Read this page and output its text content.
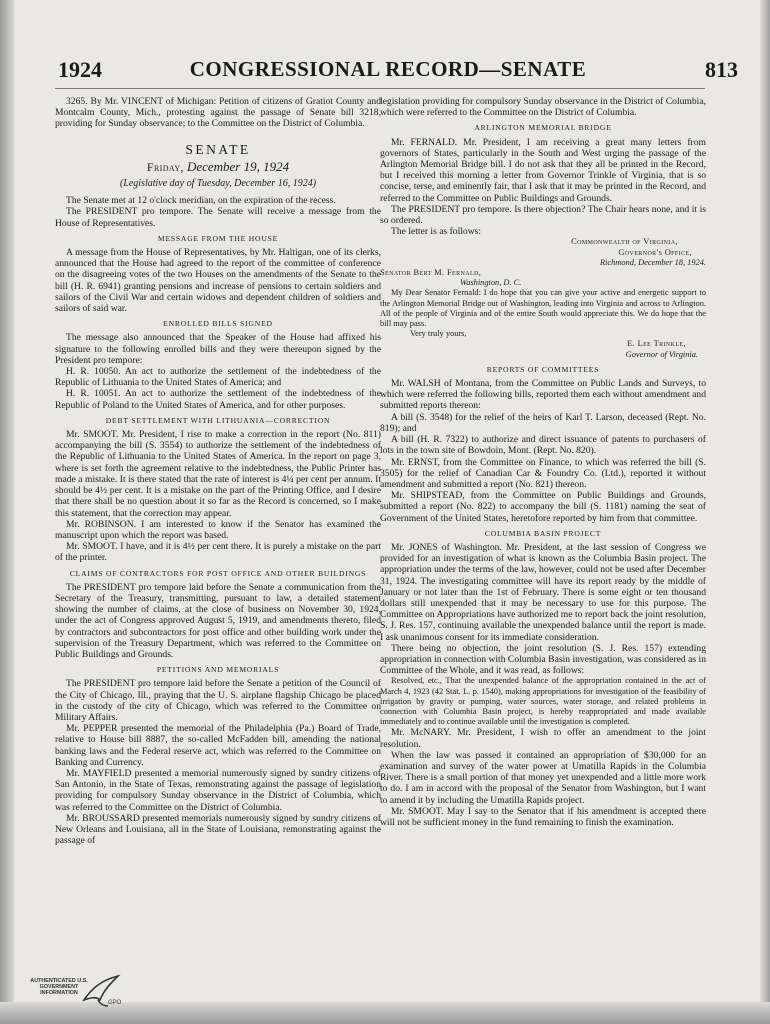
1924	CONGRESSIONAL RECORD—SENATE	813

3265. By Mr. VINCENT of Michigan: Petition of citizens of Gratiot County and Montcalm County, Mich., protesting against the passage of Senate bill 3218, providing for Sunday observance; to the Committee on the District of Columbia.

SENATE
Friday, December 19, 1924
(Legislative day of Tuesday, December 16, 1924)

The Senate met at 12 o'clock meridian, on the expiration of the recess.

The PRESIDENT pro tempore. The Senate will receive a message from the House of Representatives.

MESSAGE FROM THE HOUSE

A message from the House of Representatives, by Mr. Haltigan, one of its clerks, announced that the House had agreed to the report of the committee of conference on the disagreeing votes of the two Houses on the amendments of the Senate to the bill (H. R. 6941) granting pensions and increase of pensions to certain soldiers and sailors of the Civil War and certain widows and dependent children of soldiers and sailors of said war.

ENROLLED BILLS SIGNED

The message also announced that the Speaker of the House had affixed his signature to the following enrolled bills and they were thereupon signed by the President pro tempore:

H. R. 10050. An act to authorize the settlement of the indebtedness of the Republic of Lithuania to the United States of America; and

H. R. 10051. An act to authorize the settlement of the indebtedness of the Republic of Poland to the United States of America, and for other purposes.

DEBT SETTLEMENT WITH LITHUANIA—CORRECTION

Mr. SMOOT. Mr. President, I rise to make a correction in the report (No. 811) accompanying the bill (S. 3554) to authorize the settlement of the indebtedness of the Republic of Lithuania to the United States of America. In the report on page 3, where is set forth the agreement relative to the indebtedness, the Public Printer has made a mistake. It is there stated that the rate of interest is 4¼ per cent per annum. It should be 4½ per cent. It is a mistake on the part of the Printing Office, and I desire that there shall be no question about it so far as the Record is concerned, so I make this statement, that the correction may appear.

Mr. ROBINSON. I am interested to know if the Senator has examined the manuscript upon which the report was based.

Mr. SMOOT. I have, and it is 4½ per cent there. It is purely a mistake on the part of the printer.

CLAIMS OF CONTRACTORS FOR POST OFFICE AND OTHER BUILDINGS

The PRESIDENT pro tempore laid before the Senate a communication from the Secretary of the Treasury, transmitting, pursuant to law, a detailed statement showing the number of claims, at the close of business on November 30, 1924, under the act of Congress approved August 5, 1919, and amendments thereto, filed by contractors and subcontractors for post office and other building work under the supervision of the Treasury Department, which was referred to the Committee on Public Buildings and Grounds.

PETITIONS AND MEMORIALS

The PRESIDENT pro tempore laid before the Senate a petition of the Council of the City of Chicago, Ill., praying that the U. S. airplane flagship Chicago be placed in the custody of the city of Chicago, which was referred to the Committee on Military Affairs.

Mr. PEPPER presented the memorial of the Philadelphia (Pa.) Board of Trade, relative to House bill 8887, the so-called McFadden bill, amending the national banking laws and the Federal reserve act, which was referred to the Committee on Banking and Currency.

Mr. MAYFIELD presented a memorial numerously signed by sundry citizens of San Antonio, in the State of Texas, remonstrating against the passage of legislation providing for compulsory Sunday observance in the District of Columbia, which was referred to the Committee on the District of Columbia.

Mr. BROUSSARD presented memorials numerously signed by sundry citizens of New Orleans and Louisiana, all in the State of Louisiana, remonstrating against the passage of

legislation providing for compulsory Sunday observance in the District of Columbia, which were referred to the Committee on the District of Columbia.

ARLINGTON MEMORIAL BRIDGE

Mr. FERNALD. Mr. President, I am receiving a great many letters from governors of States, particularly in the South and West urging the passage of the Arlington Memorial Bridge bill. I do not ask that they all be printed in the Record, but I received this morning a letter from Governor Trinkle of Virginia, that is so concise, terse, and eminently fair, that I ask that it may be printed in the Record, and referred to the Committee on Public Buildings and Grounds.

The PRESIDENT pro tempore. Is there objection? The Chair hears none, and it is so ordered.

The letter is as follows:

Commonwealth of Virginia,
Governor's Office,
Richmond, December 18, 1924.
Senator Bert M. Fernald,
Washington, D. C.

My Dear Senator Fernald: I do hope that you can give your active and energetic support to the Arlington Memorial Bridge out of Washington, leading into Virginia and across to Arlington. All of the people of Virginia and of the entire South would appreciate this. We do hope that the bill may pass.

Very truly yours,
E. Lee Trinkle,
Governor of Virginia.
REPORTS OF COMMITTEES

Mr. WALSH of Montana, from the Committee on Public Lands and Surveys, to which were referred the following bills, reported them each without amendment and submitted reports thereon:

A bill (S. 3548) for the relief of the heirs of Karl T. Larson, deceased (Rept. No. 819); and

A bill (H. R. 7322) to authorize and direct issuance of patents to purchasers of lots in the town site of Bowdoin, Mont. (Rept. No. 820).

Mr. ERNST, from the Committee on Finance, to which was referred the bill (S. 3505) for the relief of Canadian Car & Foundry Co. (Ltd.), reported it without amendment and submitted a report (No. 821) thereon.

Mr. SHIPSTEAD, from the Committee on Public Buildings and Grounds, submitted a report (No. 822) to accompany the bill (S. 1181) naming the seat of Government of the United States, heretofore reported by him from that committee.

COLUMBIA BASIN PROJECT

Mr. JONES of Washington. Mr. President, at the last session of Congress we provided for an investigation of what is known as the Columbia Basin project. The appropriation under the terms of the law, however, could not be used after December 31, 1924. The investigating committee will have its report ready by the middle of January or not later than the 1st of February. There is some eight or ten thousand dollars still unexpended that it may be necessary to use for this purpose. The Committee on Appropriations have authorized me to report back the joint resolution, S. J. Res. 157, continuing available the unexpended balance until the report is made. I ask unanimous consent for its immediate consideration.

There being no objection, the joint resolution (S. J. Res. 157) extending appropriation in connection with Columbia Basin investigation, was considered as in Committee of the Whole, and it was read, as follows:

Resolved, etc., That the unexpended balance of the appropriation contained in the act of March 4, 1923 (42 Stat. L. p. 1540), making appropriations for investigation of the feasibility of irrigation by gravity or pumping, water sources, water storage, and related problems in connection with Columbia Basin project, is hereby reappropriated and made available immediately and to continue available until the investigation is completed.

Mr. McNARY. Mr. President, I wish to offer an amendment to the joint resolution.

When the law was passed it contained an appropriation of $30,000 for an examination and survey of the water power at Umatilla Rapids in the Columbia River. There is a small portion of that money yet unexpended and a little more work to do. I am in accord with the proposal of the Senator from Washington, but I want to amend it by including the Umatilla Rapids project.

Mr. SMOOT. May I say to the Senator that if his amendment is accepted there will not be sufficient money in the fund remaining to finish the examination.

AUTHENTICATED U.S. GOVERNMENT INFORMATION
GPO
